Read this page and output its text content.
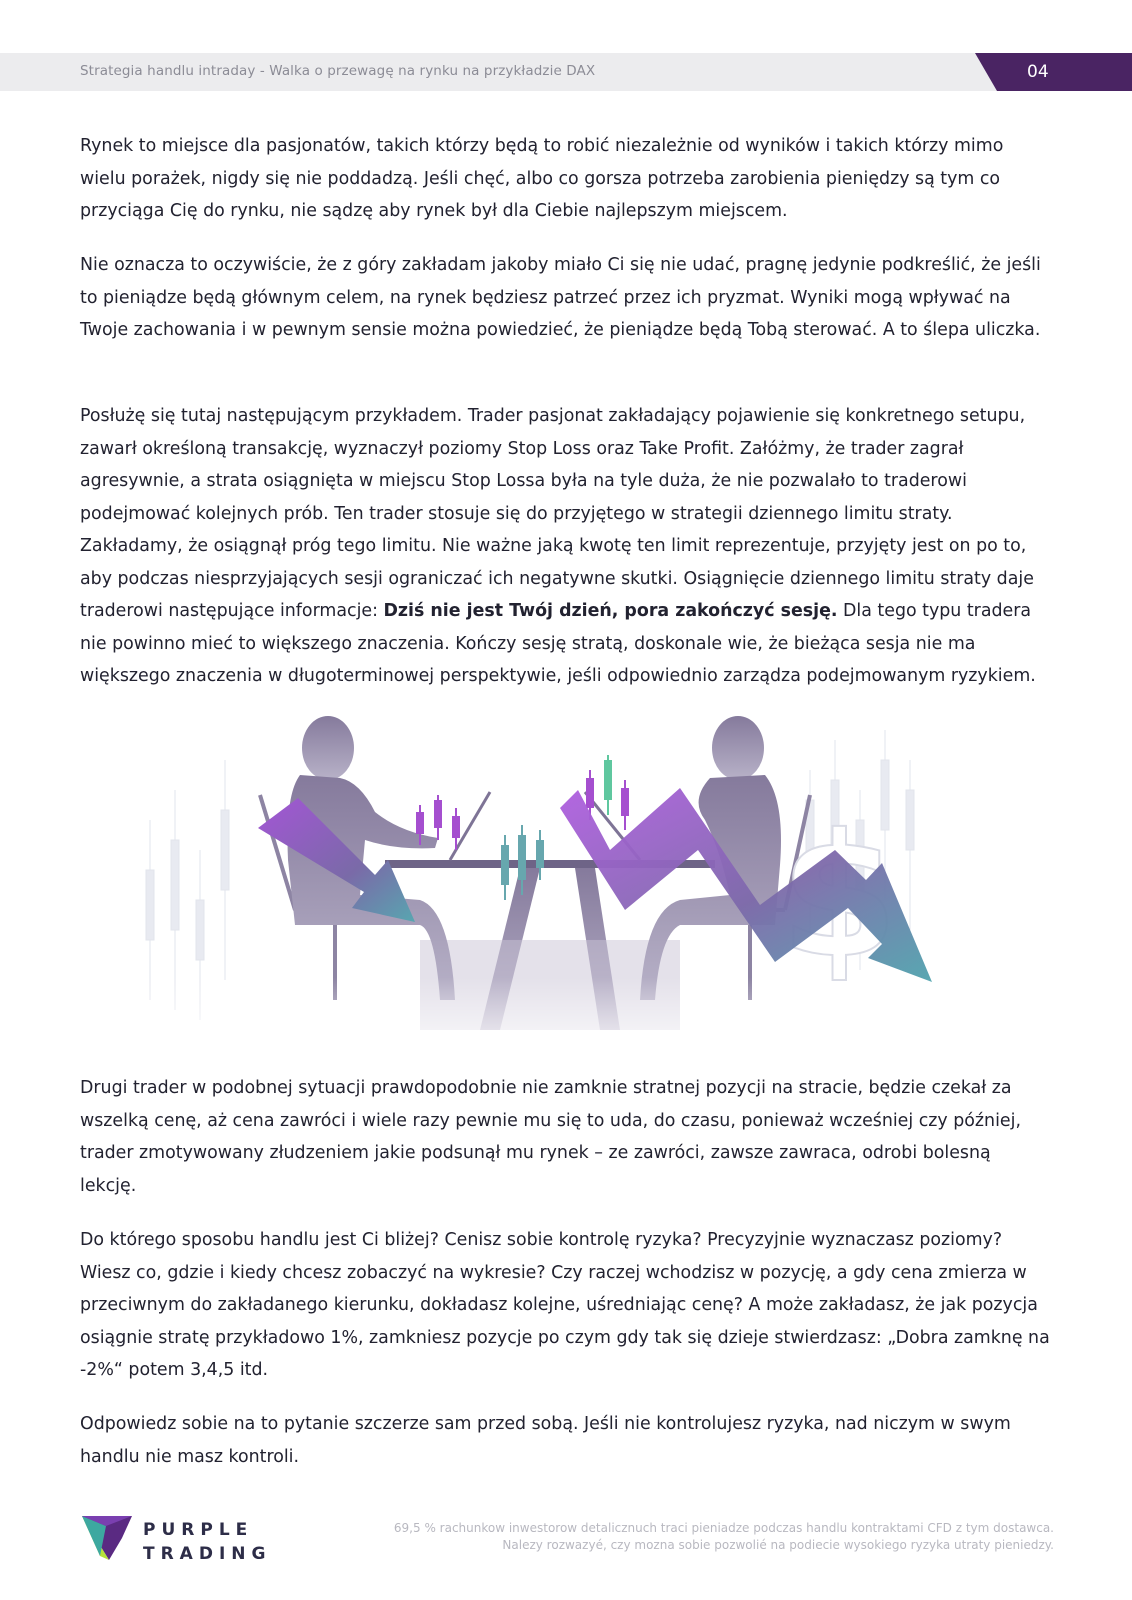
Strategia handlu intraday - Walka o przewagę na rynku na przykładzie DAX	04

Rynek to miejsce dla pasjonatów, takich którzy będą to robić niezależnie od wyników i takich którzy mimo wielu porażek, nigdy się nie poddadzą. Jeśli chęć, albo co gorsza potrzeba zarobienia pieniędzy są tym co przyciąga Cię do rynku, nie sądzę aby rynek był dla Ciebie najlepszym miejscem.

Nie oznacza to oczywiście, że z góry zakładam jakoby miało Ci się nie udać, pragnę jedynie podkreślić, że jeśli to pieniądze będą głównym celem, na rynek będziesz patrzeć przez ich pryzmat. Wyniki mogą wpływać na Twoje zachowania i w pewnym sensie można powiedzieć, że pieniądze będą Tobą sterować. A to ślepa uliczka.

Posłużę się tutaj następującym przykładem. Trader pasjonat zakładający pojawienie się konkretnego setupu, zawarł określoną transakcję, wyznaczył poziomy Stop Loss oraz Take Profit. Załóżmy, że trader zagrał agresywnie, a strata osiągnięta w miejscu Stop Lossa była na tyle duża, że nie pozwalało to traderowi podejmować kolejnych prób. Ten trader stosuje się do przyjętego w strategii dziennego limitu straty. Zakładamy, że osiągnął próg tego limitu. Nie ważne jaką kwotę ten limit reprezentuje, przyjęty jest on po to, aby podczas niesprzyjających sesji ograniczać ich negatywne skutki. Osiągnięcie dziennego limitu straty daje traderowi następujące informacje: Dziś nie jest Twój dzień, pora zakończyć sesję. Dla tego typu tradera nie powinno mieć to większego znaczenia. Kończy sesję stratą, doskonale wie, że bieżąca sesja nie ma większego znaczenia w długoterminowej perspektywie, jeśli odpowiednio zarządza podejmowanym ryzykiem.

Drugi trader w podobnej sytuacji prawdopodobnie nie zamknie stratnej pozycji na stracie, będzie czekał za wszelką cenę, aż cena zawróci i wiele razy pewnie mu się to uda, do czasu, ponieważ wcześniej czy później, trader zmotywowany złudzeniem jakie podsunął mu rynek – ze zawróci, zawsze zawraca, odrobi bolesną lekcję.

Do którego sposobu handlu jest Ci bliżej? Cenisz sobie kontrolę ryzyka? Precyzyjnie wyznaczasz poziomy? Wiesz co, gdzie i kiedy chcesz zobaczyć na wykresie? Czy raczej wchodzisz w pozycję, a gdy cena zmierza w przeciwnym do zakładanego kierunku, dokładasz kolejne, uśredniając cenę? A może zakładasz, że jak pozycja osiągnie stratę przykładowo 1%, zamkniesz pozycje po czym gdy tak się dzieje stwierdzasz: „Dobra zamknę na -2%“ potem 3,4,5 itd.

Odpowiedz sobie na to pytanie szczerze sam przed sobą. Jeśli nie kontrolujesz ryzyka, nad niczym w swym handlu nie masz kontroli.

PURPLE
TRADING
69,5 % rachunkow inwestorow detalicznuch traci pieniadze podczas handlu kontraktami CFD z tym dostawca.
Nalezy rozwazyé, czy mozna sobie pozwolié na podiecie wysokiego ryzyka utraty pieniedzy.
